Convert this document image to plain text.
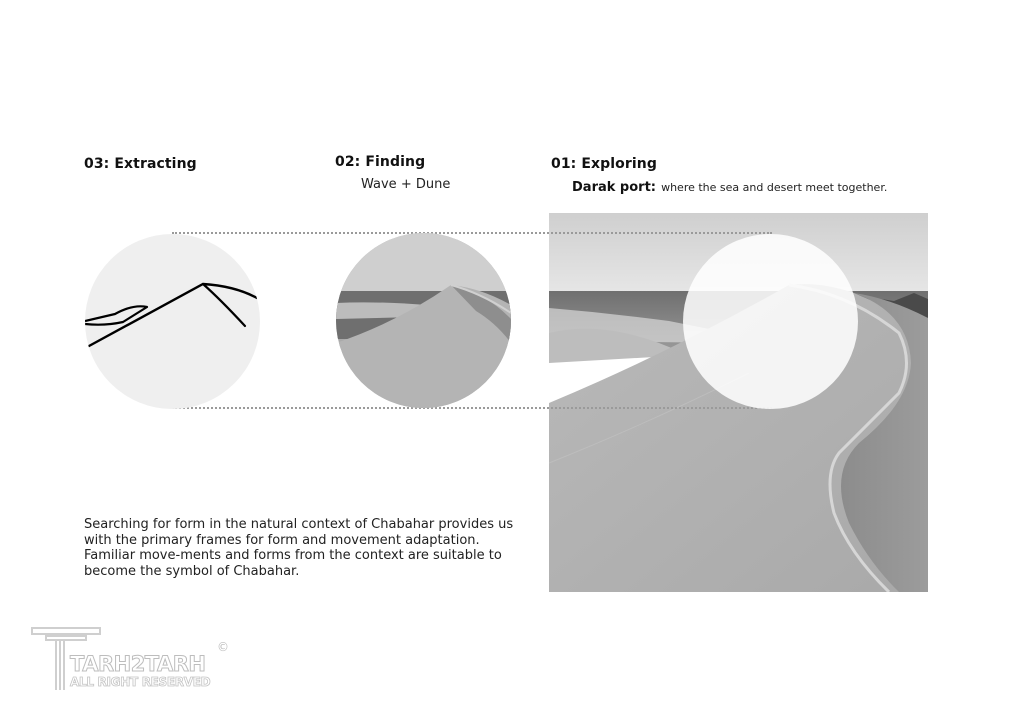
03: Extracting	02: Finding
Wave + Dune
01: Exploring
Darak port: where the sea and desert meet together.
Searching for form in the natural context of Chabahar provides us with the primary frames for form and movement adaptation. Familiar move-ments and forms from the context are suitable to become the symbol of Chabahar.
TARH2TARH
ALL RIGHT RESERVED
©
